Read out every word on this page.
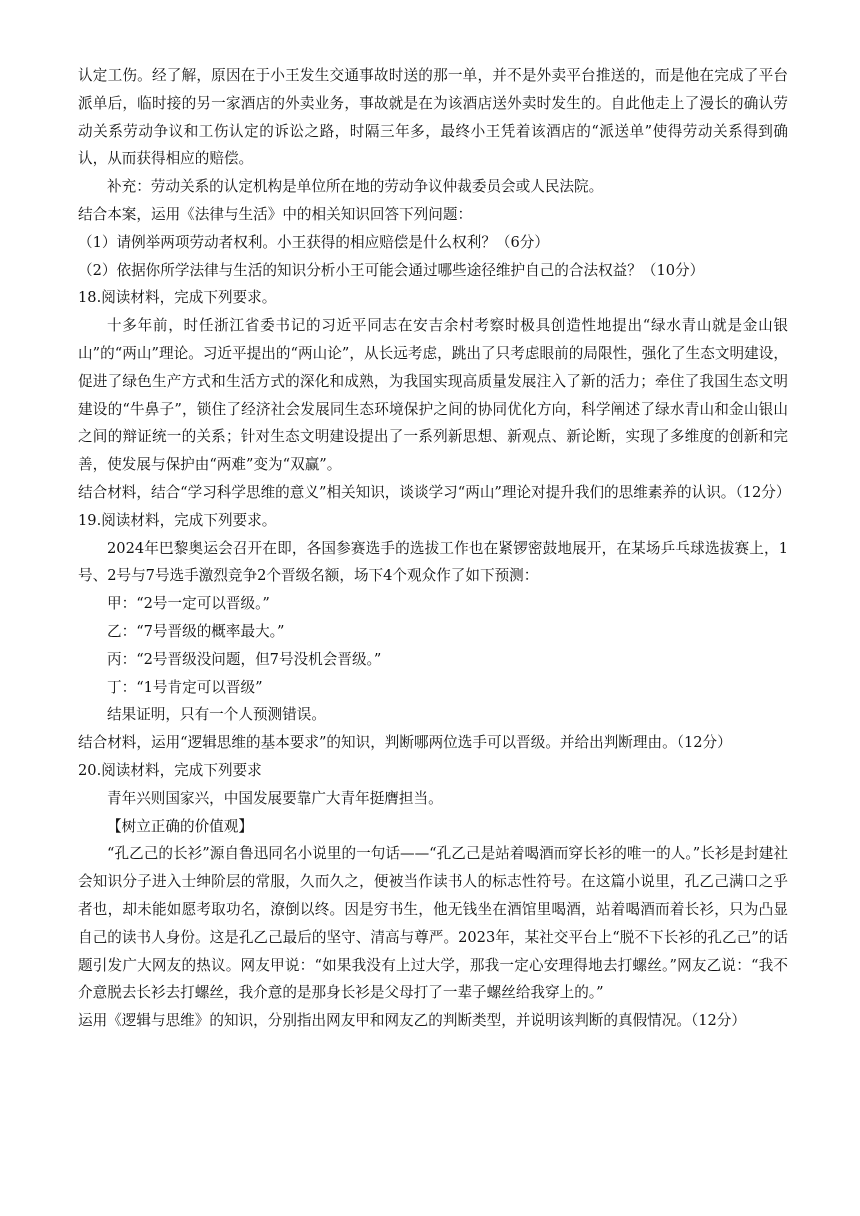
认定工伤。经了解，原因在于小王发生交通事故时送的那一单，并不是外卖平台推送的，而是他在完成了平台派单后，临时接的另一家酒店的外卖业务，事故就是在为该酒店送外卖时发生的。自此他走上了漫长的确认劳动关系劳动争议和工伤认定的诉讼之路，时隔三年多，最终小王凭着该酒店的“派送单”使得劳动关系得到确认，从而获得相应的赔偿。

补充：劳动关系的认定机构是单位所在地的劳动争议仲裁委员会或人民法院。

结合本案，运用《法律与生活》中的相关知识回答下列问题：

（1）请例举两项劳动者权利。小王获得的相应赔偿是什么权利？（6分）

（2）依据你所学法律与生活的知识分析小王可能会通过哪些途径维护自己的合法权益？（10分）

18.阅读材料，完成下列要求。

十多年前，时任浙江省委书记的习近平同志在安吉余村考察时极具创造性地提出“绿水青山就是金山银山”的“两山”理论。习近平提出的“两山论”，从长远考虑，跳出了只考虑眼前的局限性，强化了生态文明建设，促进了绿色生产方式和生活方式的深化和成熟，为我国实现高质量发展注入了新的活力；牵住了我国生态文明建设的“牛鼻子”，锁住了经济社会发展同生态环境保护之间的协同优化方向，科学阐述了绿水青山和金山银山之间的辩证统一的关系；针对生态文明建设提出了一系列新思想、新观点、新论断，实现了多维度的创新和完善，使发展与保护由“两难”变为“双赢”。

结合材料，结合“学习科学思维的意义”相关知识，谈谈学习“两山”理论对提升我们的思维素养的认识。（12分）

19.阅读材料，完成下列要求。

2024年巴黎奥运会召开在即，各国参赛选手的选拔工作也在紧锣密鼓地展开，在某场乒乓球选拔赛上，1号、2号与7号选手激烈竞争2个晋级名额，场下4个观众作了如下预测：

甲：“2号一定可以晋级。”

乙：“7号晋级的概率最大。”

丙：“2号晋级没问题，但7号没机会晋级。”

丁：“1号肯定可以晋级”

结果证明，只有一个人预测错误。

结合材料，运用“逻辑思维的基本要求”的知识，判断哪两位选手可以晋级。并给出判断理由。（12分）

20.阅读材料，完成下列要求

青年兴则国家兴，中国发展要靠广大青年挺膺担当。

【树立正确的价值观】

“孔乙己的长衫”源自鲁迅同名小说里的一句话——“孔乙己是站着喝酒而穿长衫的唯一的人。”长衫是封建社会知识分子进入士绅阶层的常服，久而久之，便被当作读书人的标志性符号。在这篇小说里，孔乙己满口之乎者也，却未能如愿考取功名，潦倒以终。因是穷书生，他无钱坐在酒馆里喝酒，站着喝酒而着长衫，只为凸显自己的读书人身份。这是孔乙己最后的坚守、清高与尊严。2023年，某社交平台上“脱不下长衫的孔乙己”的话题引发广大网友的热议。网友甲说：“如果我没有上过大学，那我一定心安理得地去打螺丝。”网友乙说：“我不介意脱去长衫去打螺丝，我介意的是那身长衫是父母打了一辈子螺丝给我穿上的。”

运用《逻辑与思维》的知识，分别指出网友甲和网友乙的判断类型，并说明该判断的真假情况。（12分）
